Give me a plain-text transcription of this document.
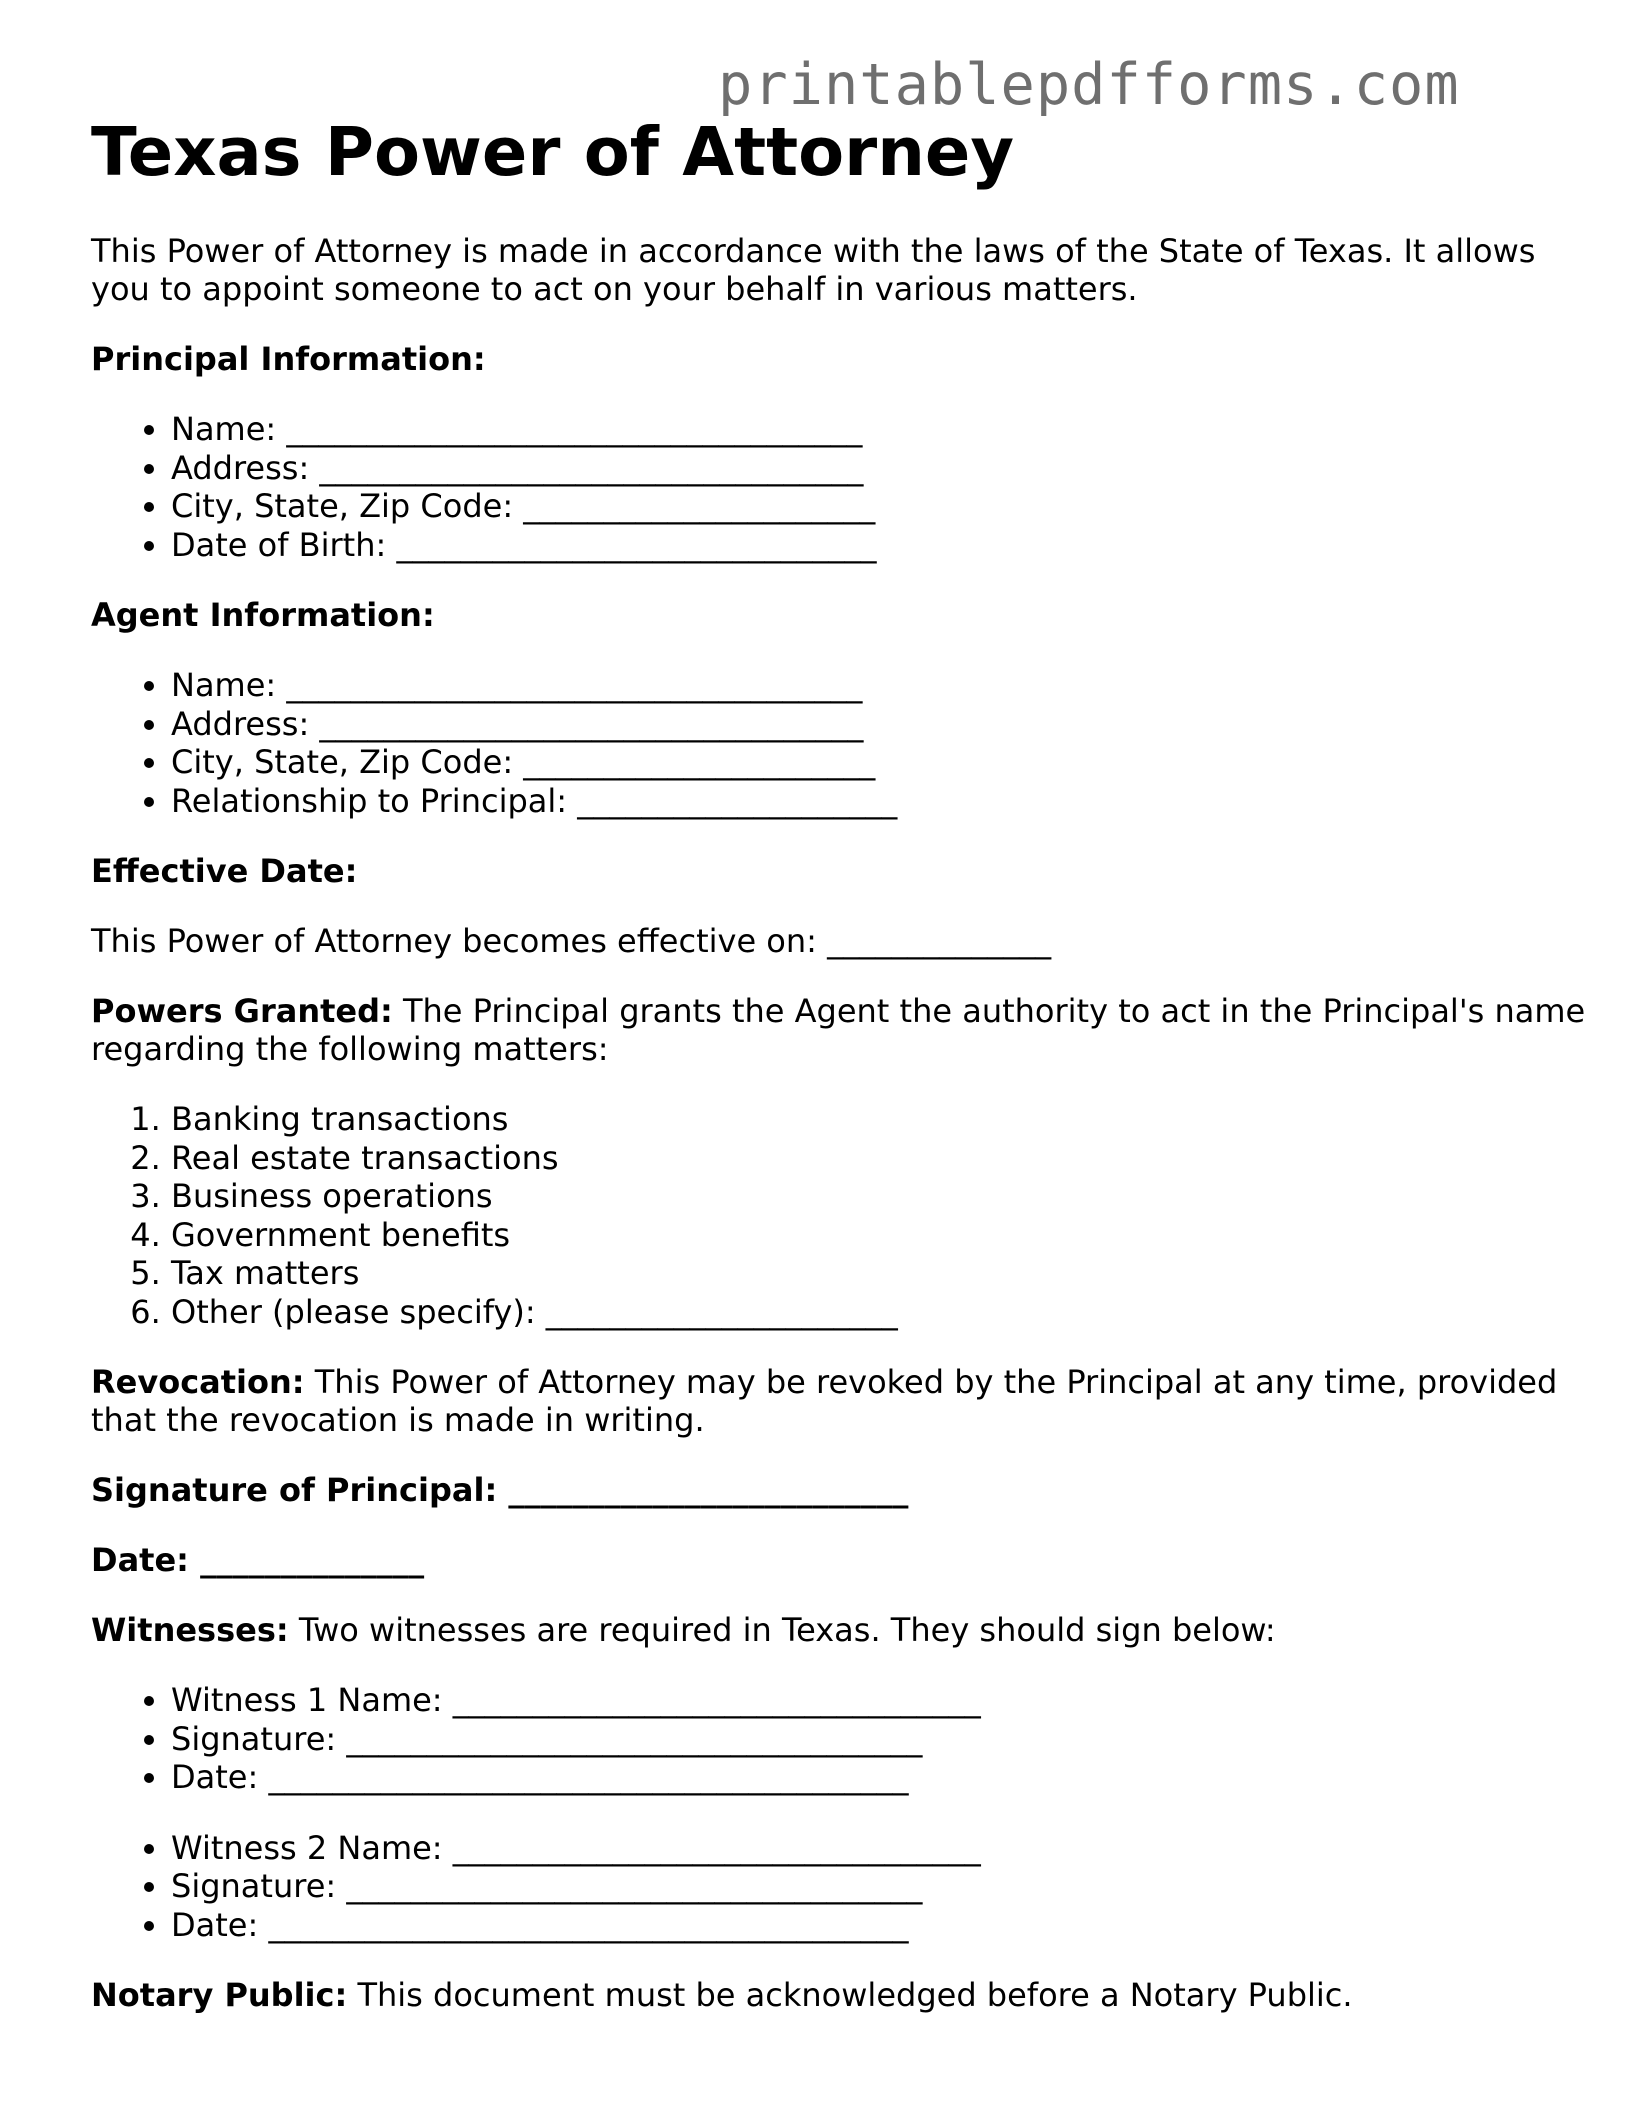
printablepdfforms.com
Texas Power of Attorney

This Power of Attorney is made in accordance with the laws of the State of Texas. It allows you to appoint someone to act on your behalf in various matters.

Principal Information:

• Name: ____________________________________
• Address: __________________________________
• City, State, Zip Code: ______________________
• Date of Birth: ______________________________

Agent Information:

• Name: ____________________________________
• Address: __________________________________
• City, State, Zip Code: ______________________
• Relationship to Principal: ____________________

Effective Date:

This Power of Attorney becomes effective on: ______________

Powers Granted: The Principal grants the Agent the authority to act in the Principal's name regarding the following matters:

1. Banking transactions
2. Real estate transactions
3. Business operations
4. Government benefits
5. Tax matters
6. Other (please specify): ______________________

Revocation: This Power of Attorney may be revoked by the Principal at any time, provided that the revocation is made in writing.

Signature of Principal: _________________________

Date: ______________

Witnesses: Two witnesses are required in Texas. They should sign below:

• Witness 1 Name: _________________________________
• Signature: ____________________________________
• Date: ________________________________________
• Witness 2 Name: _________________________________
• Signature: ____________________________________
• Date: ________________________________________

Notary Public: This document must be acknowledged before a Notary Public.
